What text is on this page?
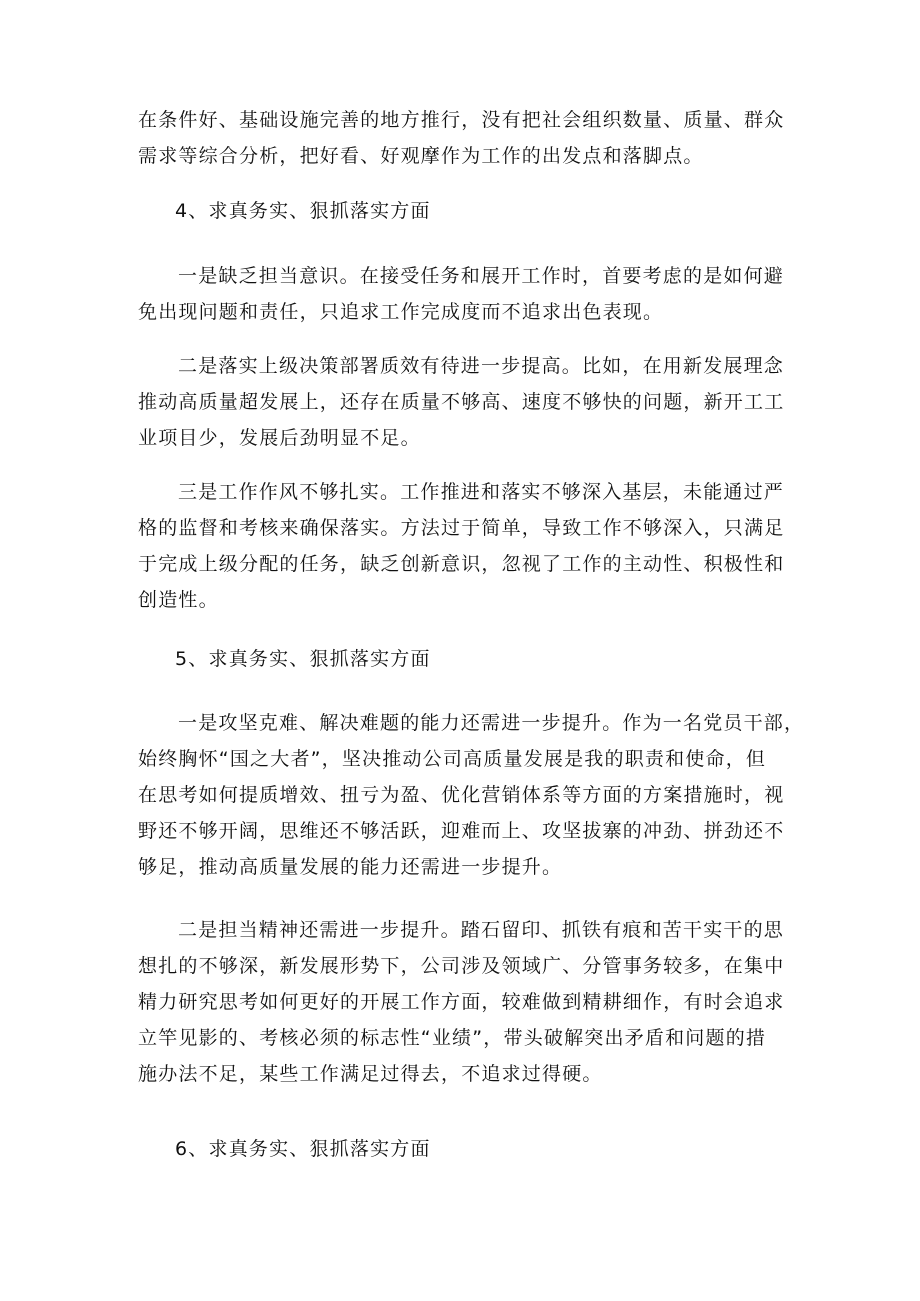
在条件好、基础设施完善的地方推行，没有把社会组织数量、质量、群众
需求等综合分析，把好看、好观摩作为工作的出发点和落脚点。
4、求真务实、狠抓落实方面
一是缺乏担当意识。在接受任务和展开工作时，首要考虑的是如何避
免出现问题和责任，只追求工作完成度而不追求出色表现。
二是落实上级决策部署质效有待进一步提高。比如，在用新发展理念
推动高质量超发展上，还存在质量不够高、速度不够快的问题，新开工工
业项目少，发展后劲明显不足。
三是工作作风不够扎实。工作推进和落实不够深入基层，未能通过严
格的监督和考核来确保落实。方法过于简单，导致工作不够深入，只满足
于完成上级分配的任务，缺乏创新意识，忽视了工作的主动性、积极性和
创造性。
5、求真务实、狠抓落实方面
一是攻坚克难、解决难题的能力还需进一步提升。作为一名党员干部，
始终胸怀“国之大者”，坚决推动公司高质量发展是我的职责和使命，但
在思考如何提质增效、扭亏为盈、优化营销体系等方面的方案措施时，视
野还不够开阔，思维还不够活跃，迎难而上、攻坚拔寨的冲劲、拼劲还不
够足，推动高质量发展的能力还需进一步提升。
二是担当精神还需进一步提升。踏石留印、抓铁有痕和苦干实干的思
想扎的不够深，新发展形势下，公司涉及领域广、分管事务较多，在集中
精力研究思考如何更好的开展工作方面，较难做到精耕细作，有时会追求
立竿见影的、考核必须的标志性“业绩”，带头破解突出矛盾和问题的措
施办法不足，某些工作满足过得去，不追求过得硬。
6、求真务实、狠抓落实方面
